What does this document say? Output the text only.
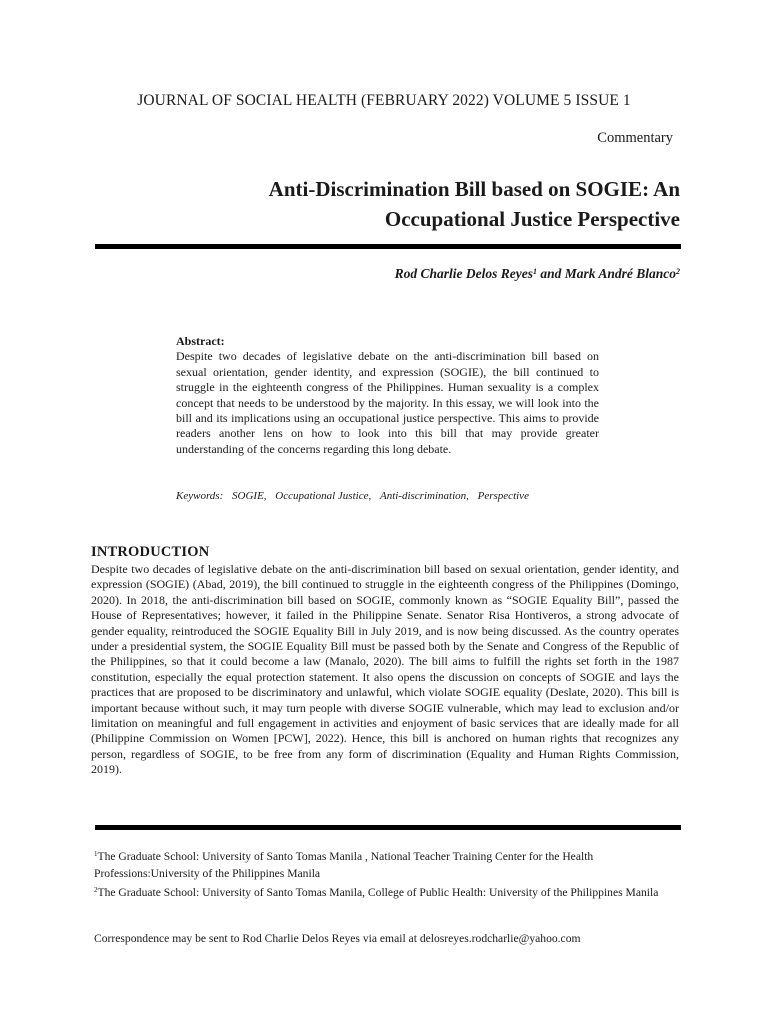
JOURNAL OF SOCIAL HEALTH (FEBRUARY 2022) VOLUME 5 ISSUE 1
Commentary
Anti-Discrimination Bill based on SOGIE: An
Occupational Justice Perspective
Rod Charlie Delos Reyes$^1$ and Mark André Blanco$^2$
Abstract:
Despite two decades of legislative debate on the anti-discrimination bill based on sexual orientation, gender identity, and expression (SOGIE), the bill continued to struggle in the eighteenth congress of the Philippines. Human sexuality is a complex concept that needs to be understood by the majority. In this essay, we will look into the bill and its implications using an occupational justice perspective. This aims to provide readers another lens on how to look into this bill that may provide greater understanding of the concerns regarding this long debate.
Keywords: SOGIE, Occupational Justice, Anti-discrimination, Perspective
INTRODUCTION
Despite two decades of legislative debate on the anti-discrimination bill based on sexual orientation, gender identity, and expression (SOGIE) (Abad, 2019), the bill continued to struggle in the eighteenth congress of the Philippines (Domingo, 2020). In 2018, the anti-discrimination bill based on SOGIE, commonly known as “SOGIE Equality Bill”, passed the House of Representatives; however, it failed in the Philippine Senate. Senator Risa Hontiveros, a strong advocate of gender equality, reintroduced the SOGIE Equality Bill in July 2019, and is now being discussed. As the country operates under a presidential system, the SOGIE Equality Bill must be passed both by the Senate and Congress of the Republic of the Philippines, so that it could become a law (Manalo, 2020). The bill aims to fulfill the rights set forth in the 1987 constitution, especially the equal protection statement. It also opens the discussion on concepts of SOGIE and lays the practices that are proposed to be discriminatory and unlawful, which violate SOGIE equality (Deslate, 2020). This bill is important because without such, it may turn people with diverse SOGIE vulnerable, which may lead to exclusion and/or limitation on meaningful and full engagement in activities and enjoyment of basic services that are ideally made for all (Philippine Commission on Women [PCW], 2022). Hence, this bill is anchored on human rights that recognizes any person, regardless of SOGIE, to be free from any form of discrimination (Equality and Human Rights Commission, 2019).

$^1$The Graduate School: University of Santo Tomas Manila , National Teacher Training Center for the Health Professions:University of the Philippines Manila

$^2$The Graduate School: University of Santo Tomas Manila, College of Public Health: University of the Philippines Manila

Correspondence may be sent to Rod Charlie Delos Reyes via email at delosreyes.rodcharlie@yahoo.com
